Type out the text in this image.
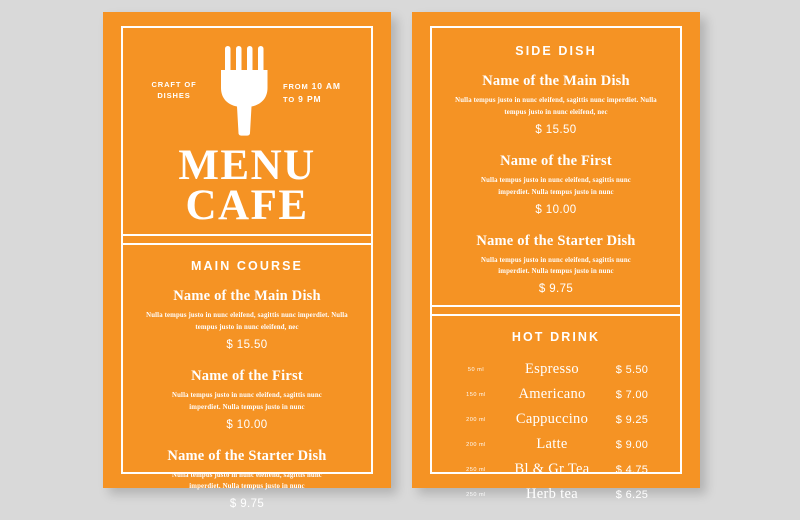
CRAFT OF
DISHES
FROM 10 AM
TO 9 PM
MENU
CAFE
MAIN COURSE
Name of the Main Dish
Nulla tempus justo in nunc eleifend, sagittis nunc imperdiet. Nulla tempus justo in nunc eleifend, nec
$ 15.50
Name of the First
Nulla tempus justo in nunc eleifend, sagittis nunc imperdiet. Nulla tempus justo in nunc
$ 10.00
Name of the Starter Dish
Nulla tempus justo in nunc eleifend, sagittis nunc imperdiet. Nulla tempus justo in nunc
$ 9.75
SIDE DISH
Name of the Main Dish
Nulla tempus justo in nunc eleifend, sagittis nunc imperdiet. Nulla tempus justo in nunc eleifend, nec
$ 15.50
Name of the First
Nulla tempus justo in nunc eleifend, sagittis nunc imperdiet. Nulla tempus justo in nunc
$ 10.00
Name of the Starter Dish
Nulla tempus justo in nunc eleifend, sagittis nunc imperdiet. Nulla tempus justo in nunc
$ 9.75
HOT DRINK
50 ml	Espresso	$ 5.50
150 ml	Americano	$ 7.00
200 ml	Cappuccino	$ 9.25
200 ml	Latte	$ 9.00
250 ml	Bl & Gr Tea	$ 4.75
250 ml	Herb tea	$ 6.25
